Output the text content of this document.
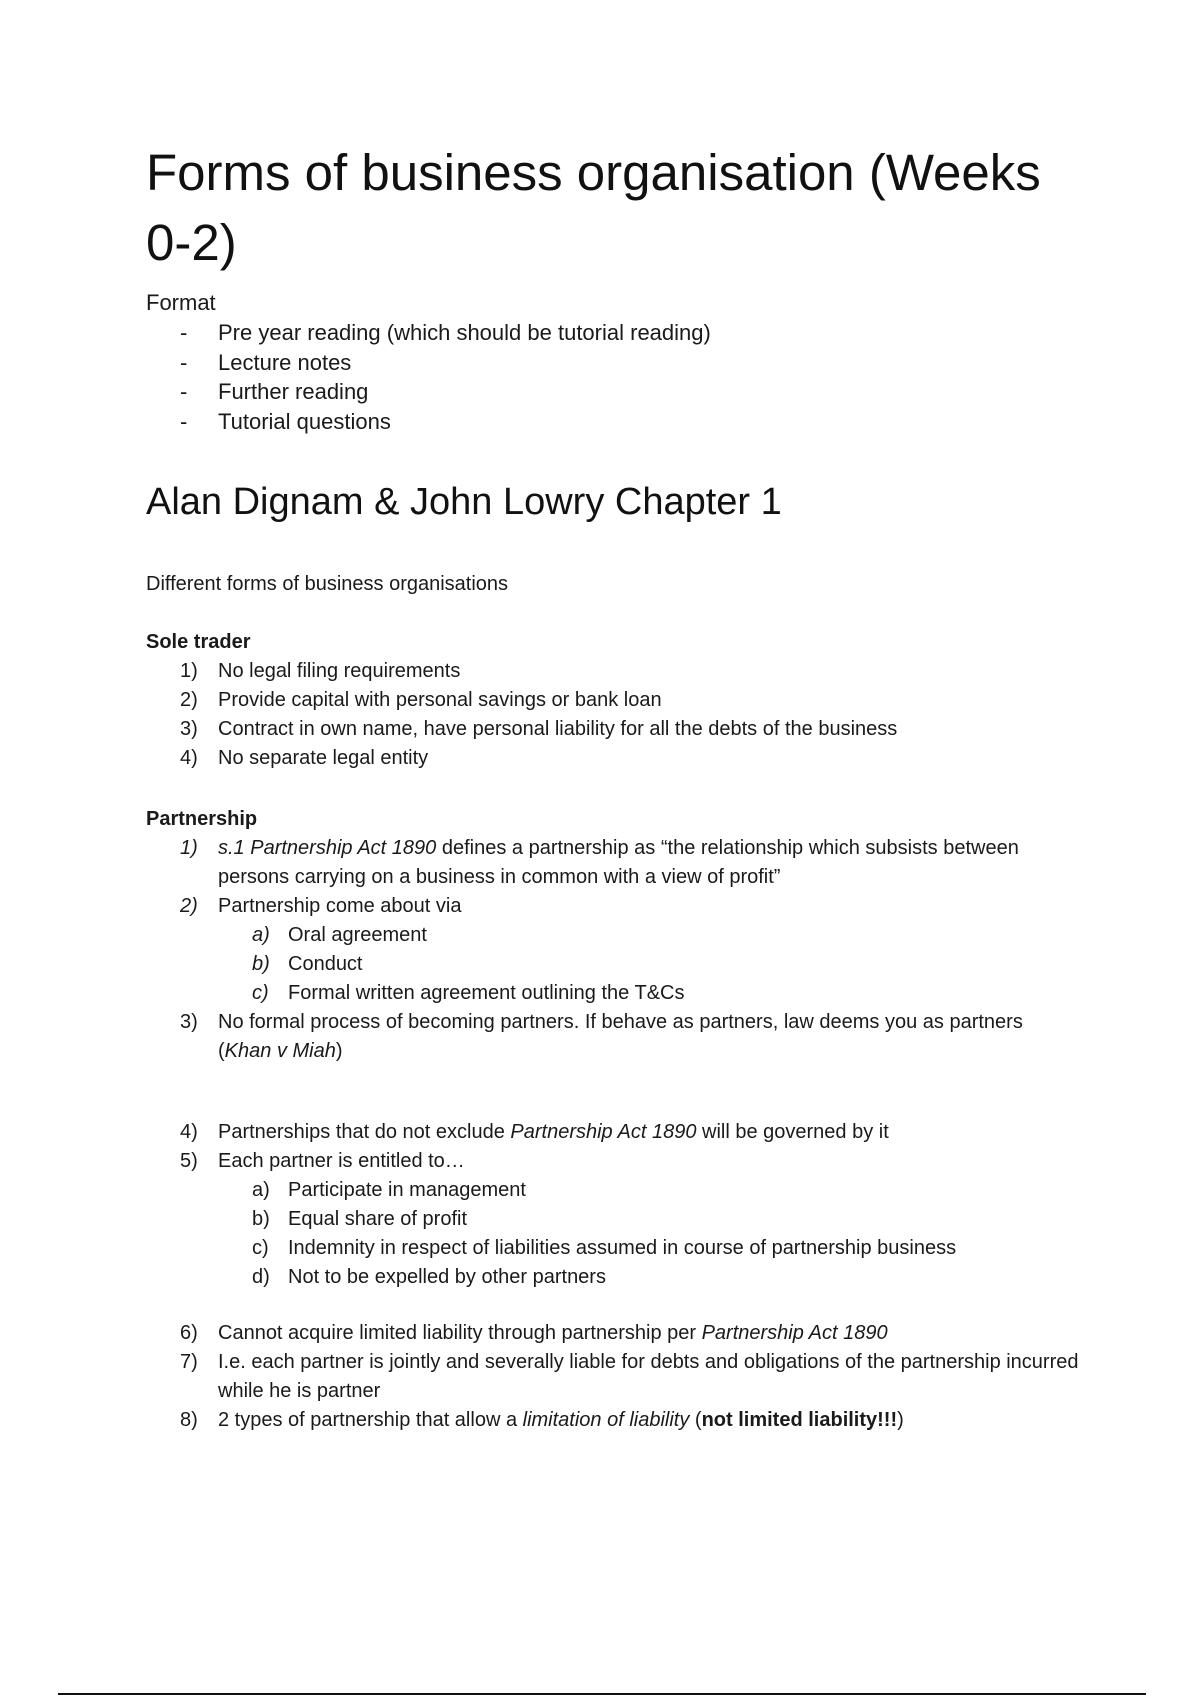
Forms of business organisation (Weeks 0-2)
Format
- Pre year reading (which should be tutorial reading)
- Lecture notes
- Further reading
- Tutorial questions
Alan Dignam & John Lowry Chapter 1
Different forms of business organisations
Sole trader
1) No legal filing requirements
2) Provide capital with personal savings or bank loan
3) Contract in own name, have personal liability for all the debts of the business
4) No separate legal entity
Partnership
1) s.1 Partnership Act 1890 defines a partnership as “the relationship which subsists between persons carrying on a business in common with a view of profit”
2) Partnership come about via
a) Oral agreement
b) Conduct
c) Formal written agreement outlining the T&Cs
3) No formal process of becoming partners. If behave as partners, law deems you as partners (Khan v Miah)
4) Partnerships that do not exclude Partnership Act 1890 will be governed by it
5) Each partner is entitled to…
a) Participate in management
b) Equal share of profit
c) Indemnity in respect of liabilities assumed in course of partnership business
d) Not to be expelled by other partners
6) Cannot acquire limited liability through partnership per Partnership Act 1890
7) I.e. each partner is jointly and severally liable for debts and obligations of the partnership incurred while he is partner
8) 2 types of partnership that allow a limitation of liability (not limited liability!!!)
